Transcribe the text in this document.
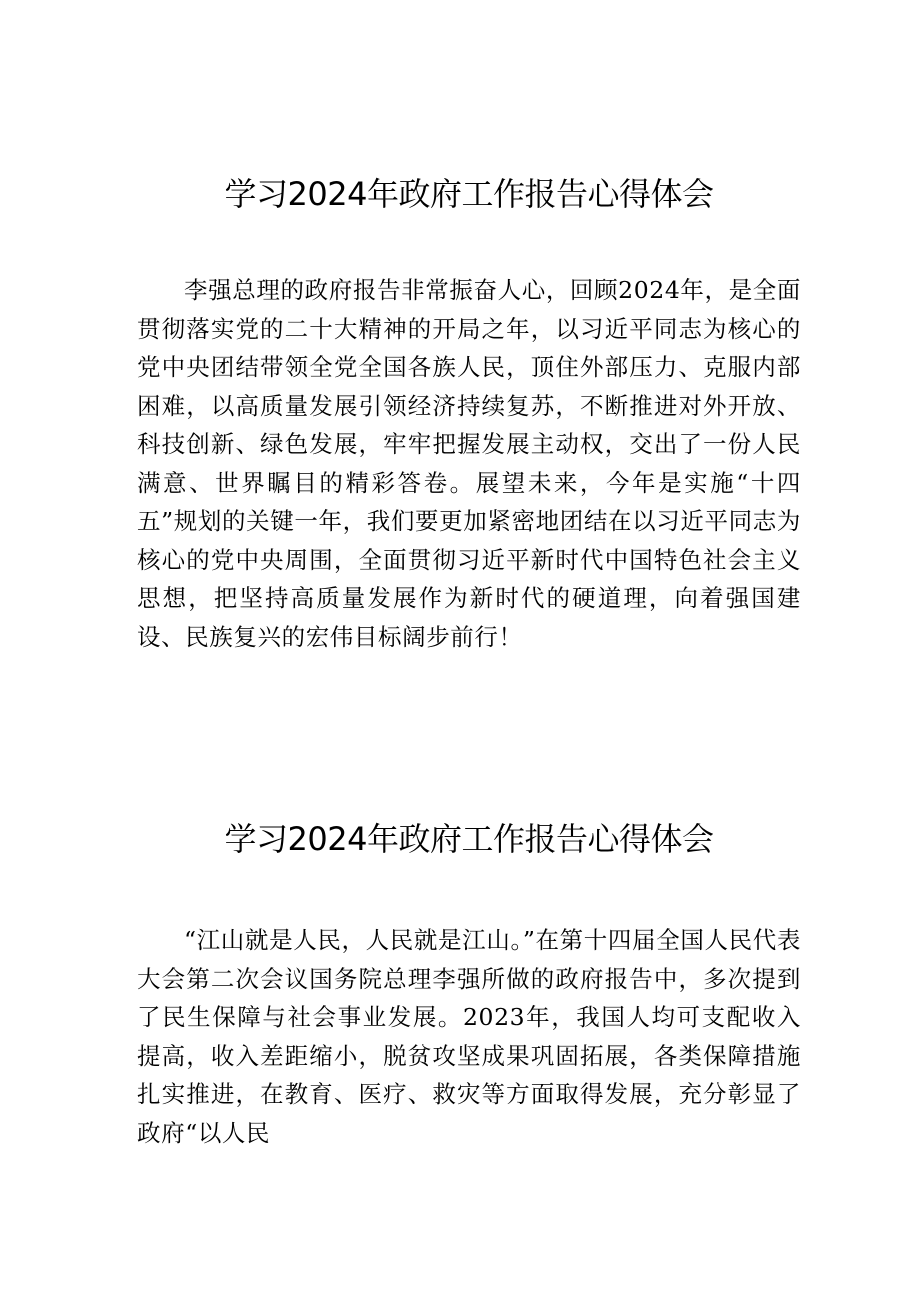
学习2024年政府工作报告心得体会

李强总理的政府报告非常振奋人心，回顾2024年，是全面贯彻落实党的二十大精神的开局之年，以习近平同志为核心的党中央团结带领全党全国各族人民，顶住外部压力、克服内部困难，以高质量发展引领经济持续复苏，不断推进对外开放、科技创新、绿色发展，牢牢把握发展主动权，交出了一份人民满意、世界瞩目的精彩答卷。展望未来，今年是实施“十四五”规划的关键一年，我们要更加紧密地团结在以习近平同志为核心的党中央周围，全面贯彻习近平新时代中国特色社会主义思想，把坚持高质量发展作为新时代的硬道理，向着强国建设、民族复兴的宏伟目标阔步前行！

学习2024年政府工作报告心得体会

“江山就是人民，人民就是江山。”在第十四届全国人民代表大会第二次会议国务院总理李强所做的政府报告中，多次提到了民生保障与社会事业发展。2023年，我国人均可支配收入提高，收入差距缩小，脱贫攻坚成果巩固拓展，各类保障措施扎实推进，在教育、医疗、救灾等方面取得发展，充分彰显了政府“以人民
